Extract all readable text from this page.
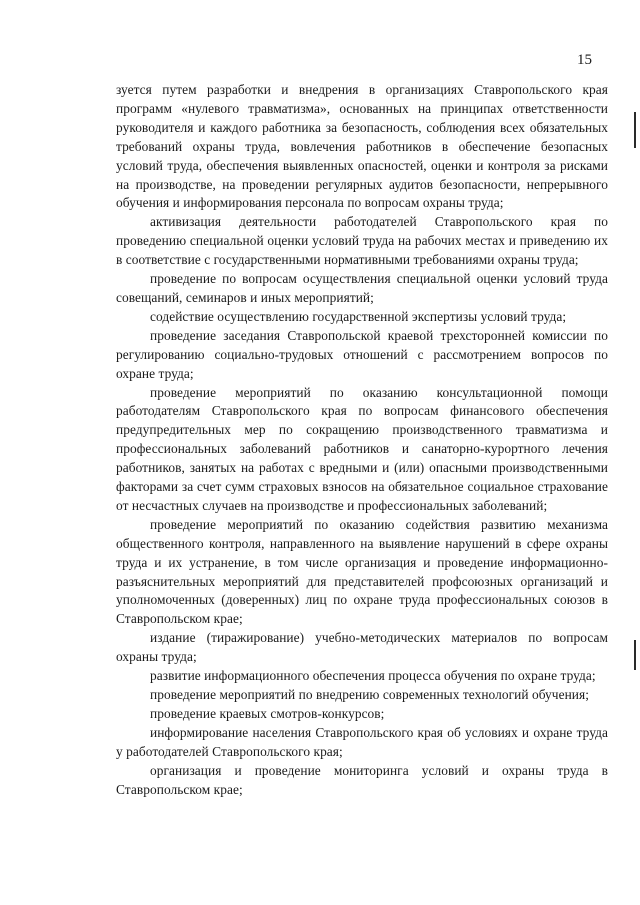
15

зуется путем разработки и внедрения в организациях Ставропольского края программ «нулевого травматизма», основанных на принципах ответственности руководителя и каждого работника за безопасность, соблюдения всех обязательных требований охраны труда, вовлечения работников в обеспечение безопасных условий труда, обеспечения выявленных опасностей, оценки и контроля за рисками на производстве, на проведении регулярных аудитов безопасности, непрерывного обучения и информирования персонала по вопросам охраны труда;

активизация деятельности работодателей Ставропольского края по проведению специальной оценки условий труда на рабочих местах и приведению их в соответствие с государственными нормативными требованиями охраны труда;

проведение по вопросам осуществления специальной оценки условий труда совещаний, семинаров и иных мероприятий;

содействие осуществлению государственной экспертизы условий труда;

проведение заседания Ставропольской краевой трехсторонней комиссии по регулированию социально-трудовых отношений с рассмотрением вопросов по охране труда;

проведение мероприятий по оказанию консультационной помощи работодателям Ставропольского края по вопросам финансового обеспечения предупредительных мер по сокращению производственного травматизма и профессиональных заболеваний работников и санаторно-курортного лечения работников, занятых на работах с вредными и (или) опасными производственными факторами за счет сумм страховых взносов на обязательное социальное страхование от несчастных случаев на производстве и профессиональных заболеваний;

проведение мероприятий по оказанию содействия развитию механизма общественного контроля, направленного на выявление нарушений в сфере охраны труда и их устранение, в том числе организация и проведение информационно-разъяснительных мероприятий для представителей профсоюзных организаций и уполномоченных (доверенных) лиц по охране труда профессиональных союзов в Ставропольском крае;

издание (тиражирование) учебно-методических материалов по вопросам охраны труда;

развитие информационного обеспечения процесса обучения по охране труда;

проведение мероприятий по внедрению современных технологий обучения;

проведение краевых смотров-конкурсов;

информирование населения Ставропольского края об условиях и охране труда у работодателей Ставропольского края;

организация и проведение мониторинга условий и охраны труда в Ставропольском крае;
